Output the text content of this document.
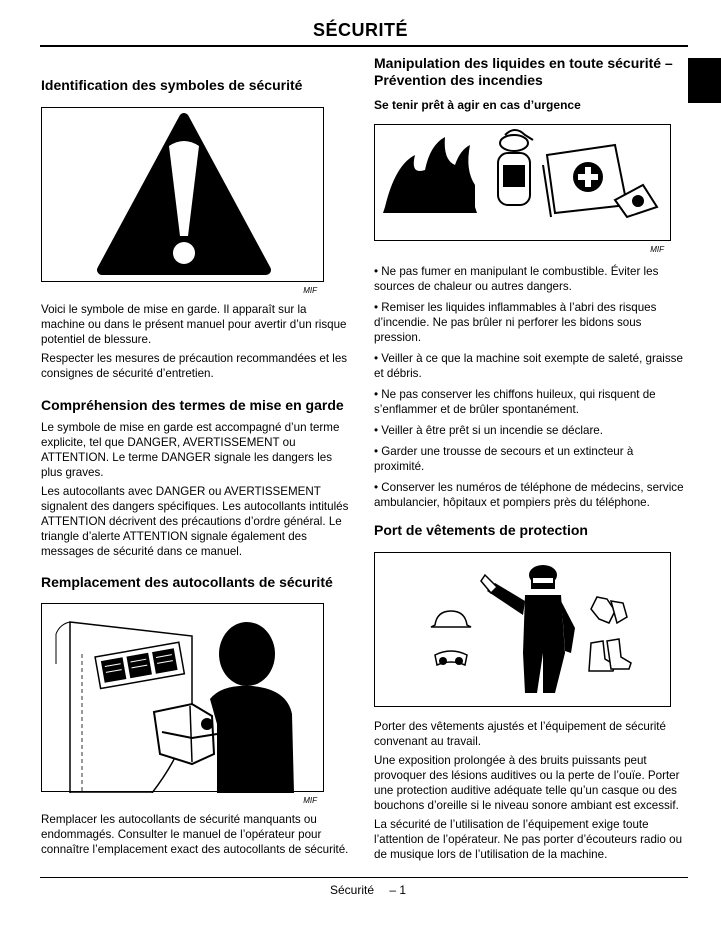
SÉCURITÉ
Identification des symboles de sécurité
MIF

Voici le symbole de mise en garde. Il apparaît sur la machine ou dans le présent manuel pour avertir d’un risque potentiel de blessure.

Respecter les mesures de précaution recommandées et les consignes de sécurité d’entretien.

Compréhension des termes de mise en garde

Le symbole de mise en garde est accompagné d’un terme explicite, tel que DANGER, AVERTISSEMENT ou ATTENTION. Le terme DANGER signale les dangers les plus graves.

Les autocollants avec DANGER ou AVERTISSEMENT signalent des dangers spécifiques. Les autocollants intitulés ATTENTION décrivent des précautions d’ordre général. Le triangle d’alerte ATTENTION signale également des messages de sécurité dans ce manuel.

Remplacement des autocollants de sécurité
MIF

Remplacer les autocollants de sécurité manquants ou endommagés. Consulter le manuel de l’opérateur pour connaître l’emplacement exact des autocollants de sécurité.

Manipulation des liquides en toute sécurité – Prévention des incendies
Se tenir prêt à agir en cas d’urgence
MIF
• Ne pas fumer en manipulant le combustible. Éviter les sources de chaleur ou autres dangers.
• Remiser les liquides inflammables à l’abri des risques d’incendie. Ne pas brûler ni perforer les bidons sous pression.
• Veiller à ce que la machine soit exempte de saleté, graisse et débris.
• Ne pas conserver les chiffons huileux, qui risquent de s’enflammer et de brûler spontanément.
• Veiller à être prêt si un incendie se déclare.
• Garder une trousse de secours et un extincteur à proximité.
• Conserver les numéros de téléphone de médecins, service ambulancier, hôpitaux et pompiers près du téléphone.
Port de vêtements de protection

Porter des vêtements ajustés et l’équipement de sécurité convenant au travail.

Une exposition prolongée à des bruits puissants peut provoquer des lésions auditives ou la perte de l’ouïe. Porter une protection auditive adéquate telle qu’un casque ou des bouchons d’oreille si le niveau sonore ambiant est excessif.

La sécurité de l’utilisation de l’équipement exige toute l’attention de l’opérateur. Ne pas porter d’écouteurs radio ou de musique lors de l’utilisation de la machine.

Sécurité – 1
